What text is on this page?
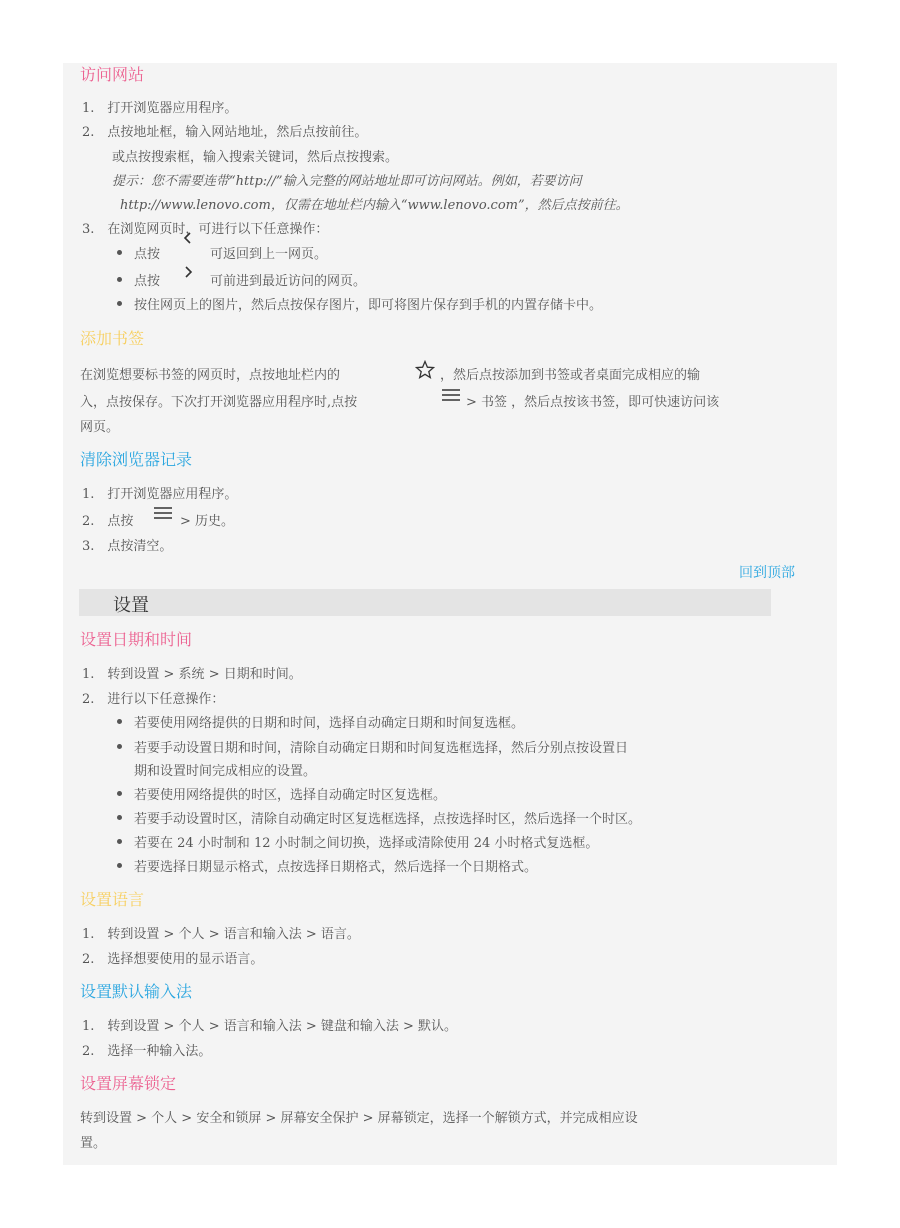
访问网站
1.　打开浏览器应用程序。
2.　点按地址框，输入网站地址，然后点按前往。
或点按搜索框，输入搜索关键词，然后点按搜索。
提示：您不需要连带“http://”输入完整的网站地址即可访问网站。例如，若要访问
http://www.lenovo.com，仅需在地址栏内输入“www.lenovo.com”，然后点按前往。
3.　在浏览网页时，可进行以下任意操作：
点按	可返回到上一网页。
点按	可前进到最近访问的网页。
按住网页上的图片，然后点按保存图片，即可将图片保存到手机的内置存储卡中。
添加书签
在浏览想要标书签的网页时，点按地址栏内的	，然后点按添加到书签或者桌面完成相应的输
入，点按保存。下次打开浏览器应用程序时,点按	> 书签 ，然后点按该书签，即可快速访问该
网页。
清除浏览器记录
1.　打开浏览器应用程序。
2.　点按	> 历史。
3.　点按清空。
回到顶部
设置
设置日期和时间
1.　转到设置 > 系统 > 日期和时间。
2.　进行以下任意操作：
若要使用网络提供的日期和时间，选择自动确定日期和时间复选框。
若要手动设置日期和时间，清除自动确定日期和时间复选框选择，然后分别点按设置日
期和设置时间完成相应的设置。
若要使用网络提供的时区，选择自动确定时区复选框。
若要手动设置时区，清除自动确定时区复选框选择，点按选择时区，然后选择一个时区。
若要在 24 小时制和 12 小时制之间切换，选择或清除使用 24 小时格式复选框。
若要选择日期显示格式，点按选择日期格式，然后选择一个日期格式。
设置语言
1.　转到设置 > 个人 > 语言和输入法 > 语言。
2.　选择想要使用的显示语言。
设置默认输入法
1.　转到设置 > 个人 > 语言和输入法 > 键盘和输入法 > 默认。
2.　选择一种输入法。
设置屏幕锁定
转到设置 > 个人 > 安全和锁屏 > 屏幕安全保护 > 屏幕锁定，选择一个解锁方式，并完成相应设
置。
